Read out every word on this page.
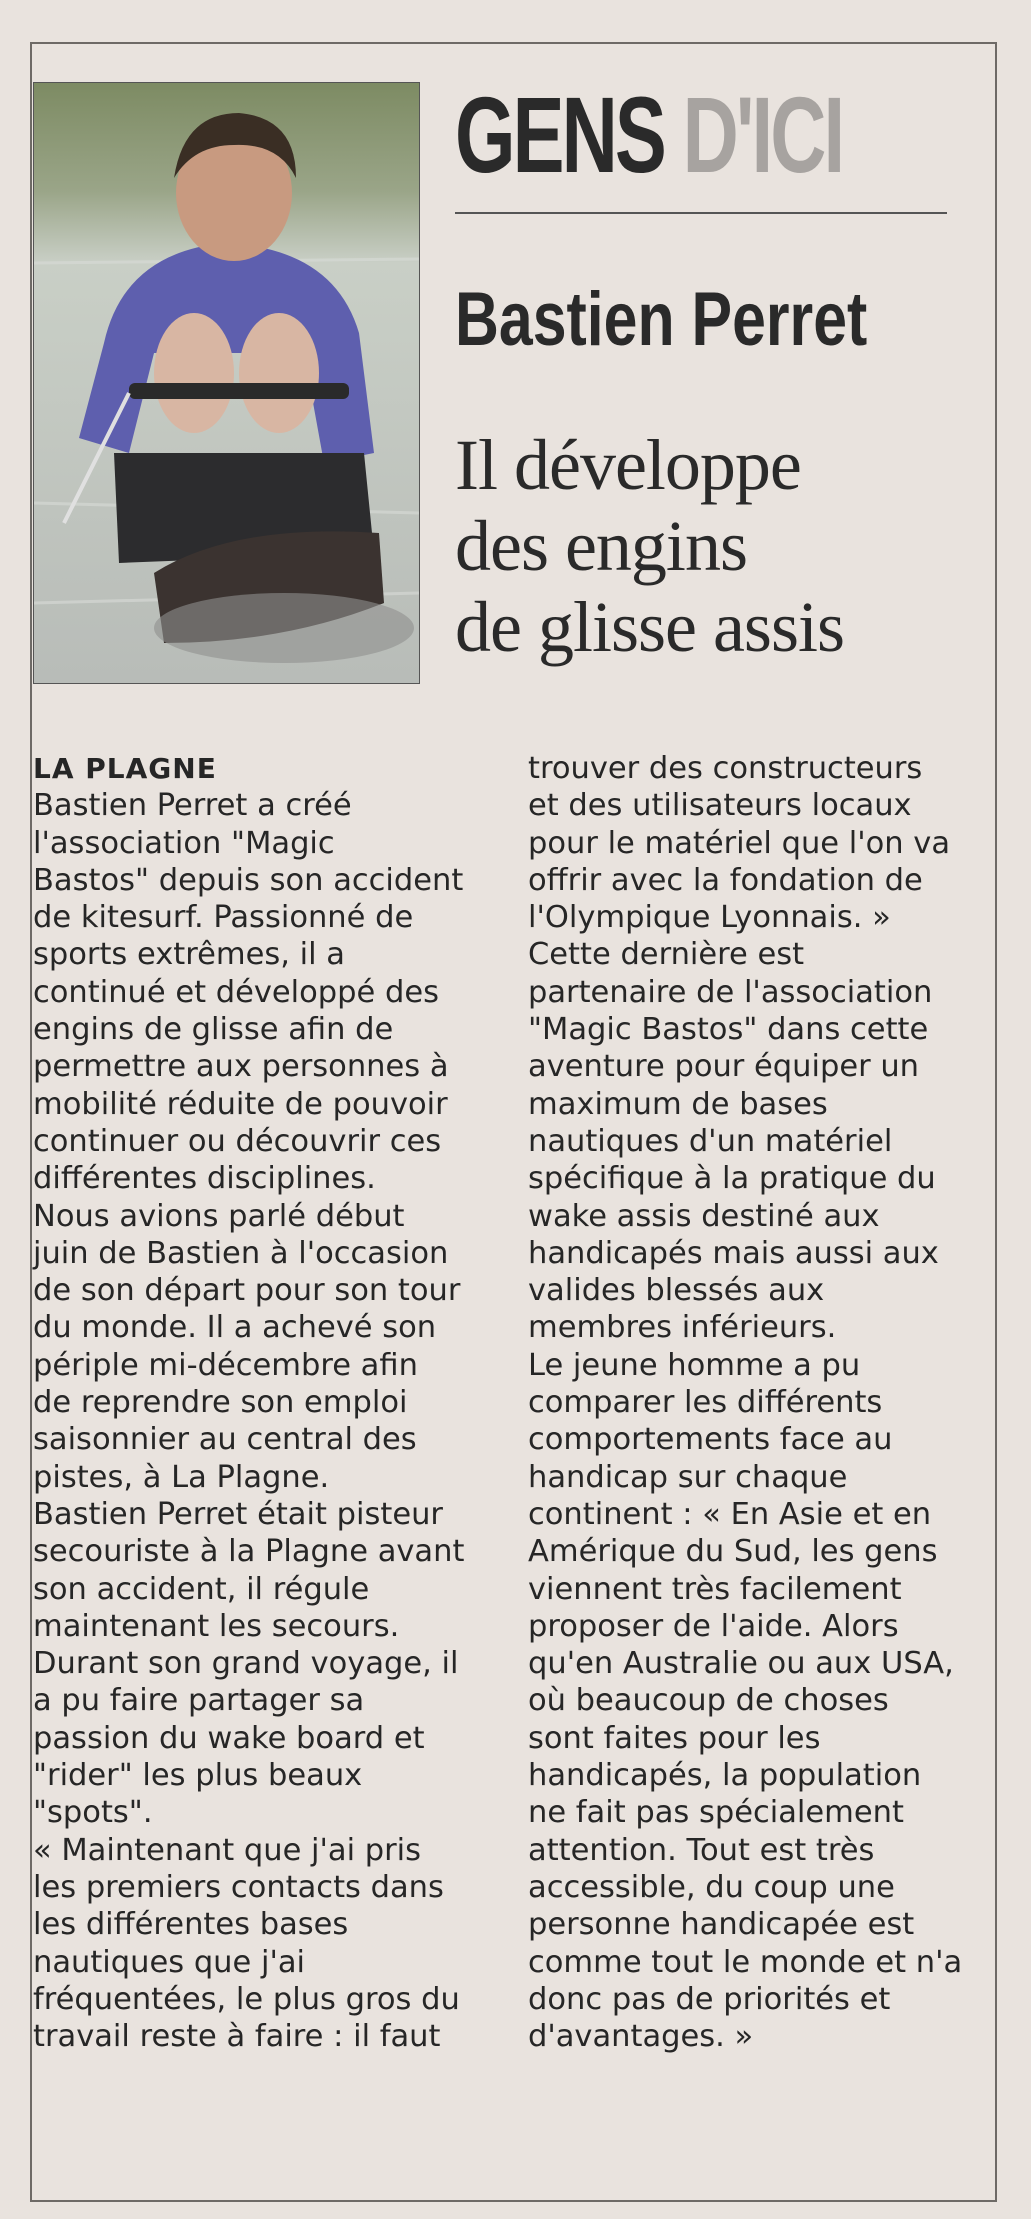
GENS D'ICI
Bastien Perret
Il développe
des engins
de glisse assis
LA PLAGNE
Bastien Perret a créé
l'association "Magic
Bastos" depuis son accident
de kitesurf. Passionné de
sports extrêmes, il a
continué et développé des
engins de glisse afin de
permettre aux personnes à
mobilité réduite de pouvoir
continuer ou découvrir ces
différentes disciplines.
Nous avions parlé début
juin de Bastien à l'occasion
de son départ pour son tour
du monde. Il a achevé son
périple mi-décembre afin
de reprendre son emploi
saisonnier au central des
pistes, à La Plagne.
Bastien Perret était pisteur
secouriste à la Plagne avant
son accident, il régule
maintenant les secours.
Durant son grand voyage, il
a pu faire partager sa
passion du wake board et
"rider" les plus beaux
"spots".
« Maintenant que j'ai pris
les premiers contacts dans
les différentes bases
nautiques que j'ai
fréquentées, le plus gros du
travail reste à faire : il faut
trouver des constructeurs
et des utilisateurs locaux
pour le matériel que l'on va
offrir avec la fondation de
l'Olympique Lyonnais. »
Cette dernière est
partenaire de l'association
"Magic Bastos" dans cette
aventure pour équiper un
maximum de bases
nautiques d'un matériel
spécifique à la pratique du
wake assis destiné aux
handicapés mais aussi aux
valides blessés aux
membres inférieurs.
Le jeune homme a pu
comparer les différents
comportements face au
handicap sur chaque
continent : « En Asie et en
Amérique du Sud, les gens
viennent très facilement
proposer de l'aide. Alors
qu'en Australie ou aux USA,
où beaucoup de choses
sont faites pour les
handicapés, la population
ne fait pas spécialement
attention. Tout est très
accessible, du coup une
personne handicapée est
comme tout le monde et n'a
donc pas de priorités et
d'avantages. »
